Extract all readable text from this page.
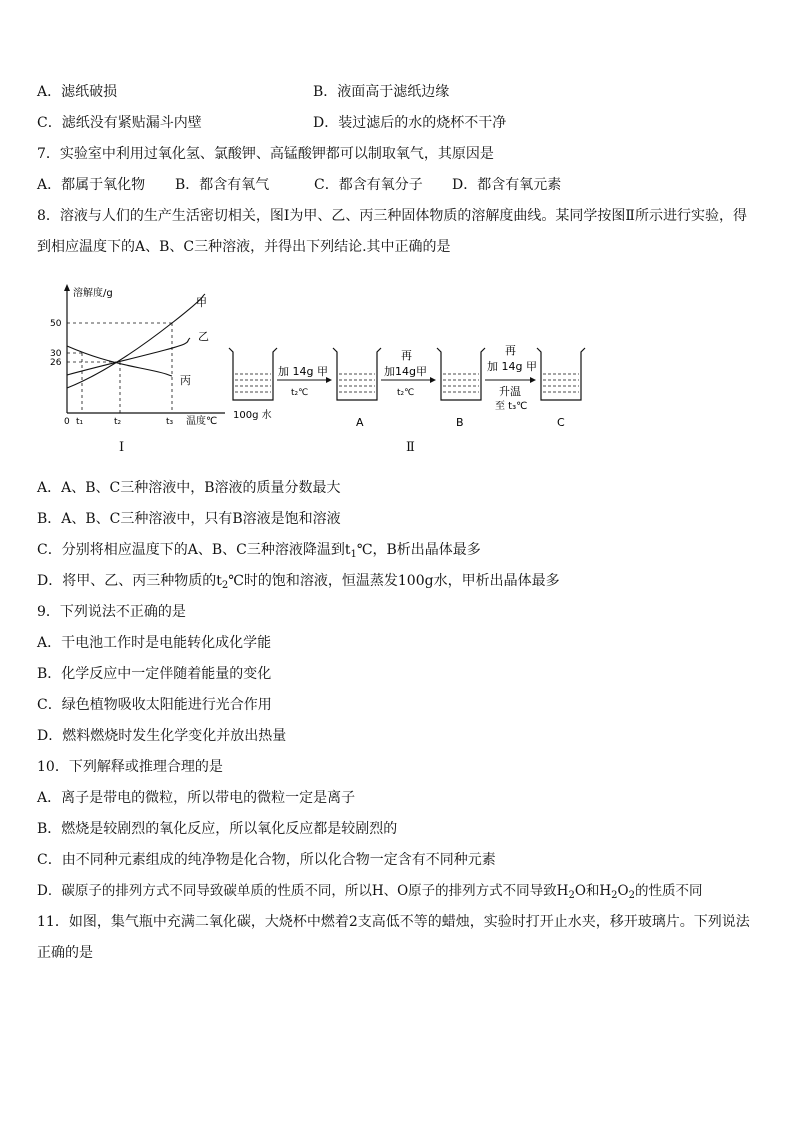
A．滤纸破损	B．液面高于滤纸边缘
C．滤纸没有紧贴漏斗内壁	D．装过滤后的水的烧杯不干净
7．实验室中利用过氧化氢、氯酸钾、高锰酸钾都可以制取氧气，其原因是
A．都属于氧化物 B．都含有氧气	C．都含有氧分子 D．都含有氧元素
8．溶液与人们的生产生活密切相关，图Ⅰ为甲、乙、丙三种固体物质的溶解度曲线。某同学按图Ⅱ所示进行实验，得
到相应温度下的A、B、C三种溶液，并得出下列结论.其中正确的是
溶解度/g
50
30
26
0 t₁	t₂	t₃ 温度℃
甲
乙
丙
Ⅰ
加 14g 甲
t₂℃
再
加14g甲
t₂℃
再
加 14g 甲
升温
至 t₃℃
100g 水
A	B	C
Ⅱ
A．A、B、C三种溶液中，B溶液的质量分数最大
B．A、B、C三种溶液中，只有B溶液是饱和溶液
C．分别将相应温度下的A、B、C三种溶液降温到$t_1℃$，B析出晶体最多
D．将甲、乙、丙三种物质的$t_2℃$时的饱和溶液，恒温蒸发100g水，甲析出晶体最多
9．下列说法不正确的是
A．干电池工作时是电能转化成化学能
B．化学反应中一定伴随着能量的变化
C．绿色植物吸收太阳能进行光合作用
D．燃料燃烧时发生化学变化并放出热量
10．下列解释或推理合理的是
A．离子是带电的微粒，所以带电的微粒一定是离子
B．燃烧是较剧烈的氧化反应，所以氧化反应都是较剧烈的
C．由不同种元素组成的纯净物是化合物，所以化合物一定含有不同种元素
D．碳原子的排列方式不同导致碳单质的性质不同，所以H、O原子的排列方式不同导致$H_2O$和$H_2O_2$的性质不同
11．如图，集气瓶中充满二氧化碳，大烧杯中燃着2支高低不等的蜡烛，实验时打开止水夹，移开玻璃片。下列说法
正确的是
